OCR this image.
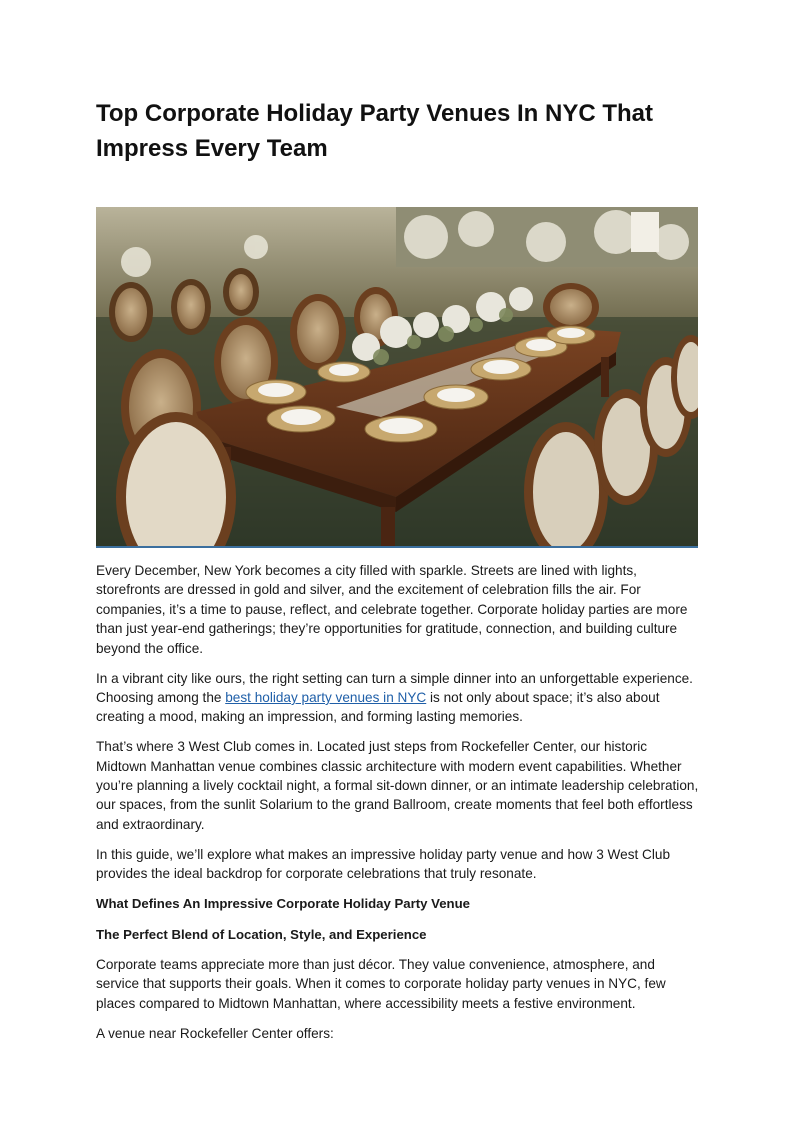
Top Corporate Holiday Party Venues In NYC That Impress Every Team

Every December, New York becomes a city filled with sparkle. Streets are lined with lights, storefronts are dressed in gold and silver, and the excitement of celebration fills the air. For companies, it’s a time to pause, reflect, and celebrate together. Corporate holiday parties are more than just year-end gatherings; they’re opportunities for gratitude, connection, and building culture beyond the office.

In a vibrant city like ours, the right setting can turn a simple dinner into an unforgettable experience. Choosing among the best holiday party venues in NYC is not only about space; it’s also about creating a mood, making an impression, and forming lasting memories.

That’s where 3 West Club comes in. Located just steps from Rockefeller Center, our historic Midtown Manhattan venue combines classic architecture with modern event capabilities. Whether you’re planning a lively cocktail night, a formal sit-down dinner, or an intimate leadership celebration, our spaces, from the sunlit Solarium to the grand Ballroom, create moments that feel both effortless and extraordinary.

In this guide, we’ll explore what makes an impressive holiday party venue and how 3 West Club provides the ideal backdrop for corporate celebrations that truly resonate.

What Defines An Impressive Corporate Holiday Party Venue

The Perfect Blend of Location, Style, and Experience

Corporate teams appreciate more than just décor. They value convenience, atmosphere, and service that supports their goals. When it comes to corporate holiday party venues in NYC, few places compared to Midtown Manhattan, where accessibility meets a festive environment.

A venue near Rockefeller Center offers:
